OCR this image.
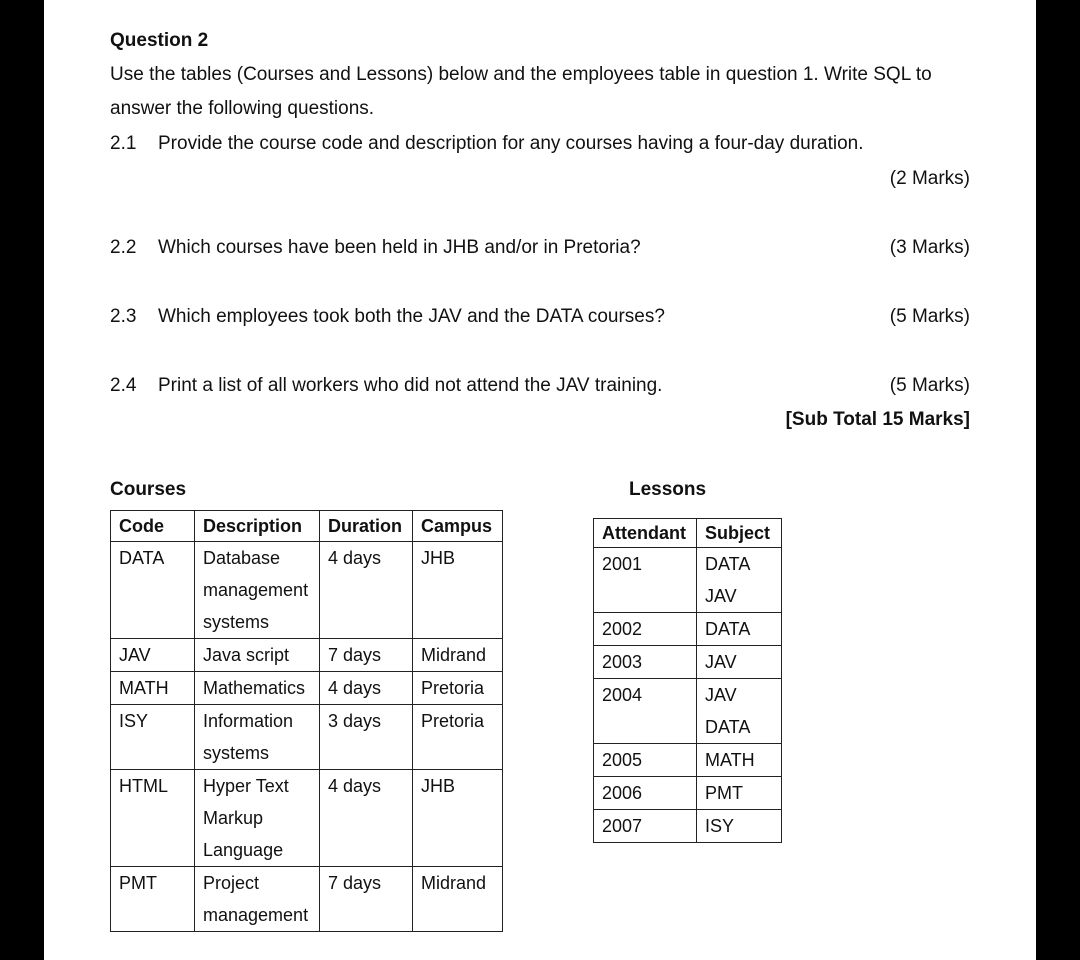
Question 2
Use the tables (Courses and Lessons) below and the employees table in question 1. Write SQL to
answer the following questions.
2.1 Provide the course code and description for any courses having a four-day duration.
(2 Marks)
2.2 Which courses have been held in JHB and/or in Pretoria?	(3 Marks)
2.3 Which employees took both the JAV and the DATA courses?	(5 Marks)
2.4 Print a list of all workers who did not attend the JAV training.	(5 Marks)
[Sub Total 15 Marks]
Courses	Lessons
Code	Description	Duration	Campus
DATA	Database
management
systems	4 days	JHB
JAV	Java script	7 days	Midrand
MATH	Mathematics	4 days	Pretoria
ISY	Information
systems	3 days	Pretoria
HTML	Hyper Text
Markup
Language	4 days	JHB
PMT	Project
management	7 days	Midrand
Attendant	Subject
2001	DATA
JAV

2002	DATA

2003	JAV

2004	JAV
DATA

2005	MATH

2006	PMT

2007	ISY
